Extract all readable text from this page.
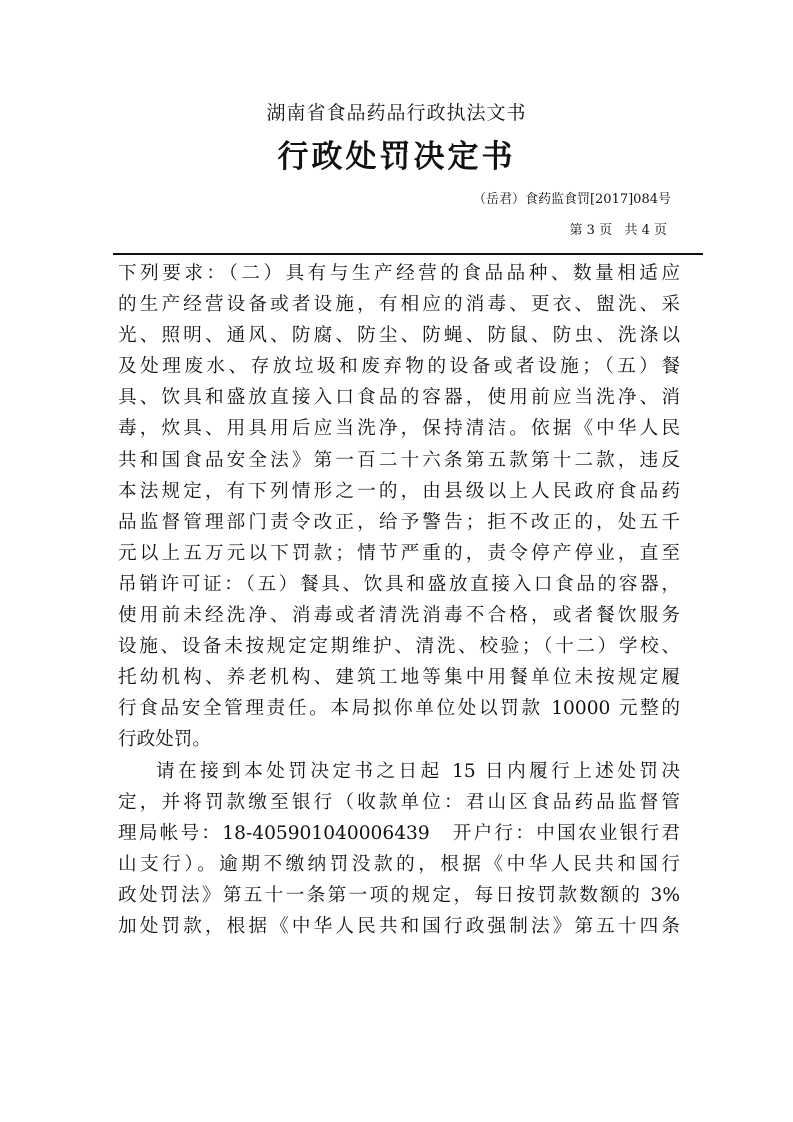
湖南省食品药品行政执法文书
行政处罚决定书
（岳君）食药监食罚[2017]084号
第 3 页   共 4 页

下列要求：（二）具有与生产经营的食品品种、数量相适应

的生产经营设备或者设施，有相应的消毒、更衣、盥洗、采

光、照明、通风、防腐、防尘、防蝇、防鼠、防虫、洗涤以

及处理废水、存放垃圾和废弃物的设备或者设施；（五）餐

具、饮具和盛放直接入口食品的容器，使用前应当洗净、消

毒，炊具、用具用后应当洗净，保持清洁。依据《中华人民

共和国食品安全法》第一百二十六条第五款第十二款，违反

本法规定，有下列情形之一的，由县级以上人民政府食品药

品监督管理部门责令改正，给予警告；拒不改正的，处五千

元以上五万元以下罚款；情节严重的，责令停产停业，直至

吊销许可证：（五）餐具、饮具和盛放直接入口食品的容器，

使用前未经洗净、消毒或者清洗消毒不合格，或者餐饮服务

设施、设备未按规定定期维护、清洗、校验；（十二）学校、

托幼机构、养老机构、建筑工地等集中用餐单位未按规定履

行食品安全管理责任。本局拟你单位处以罚款 10000 元整的

行政处罚。

请在接到本处罚决定书之日起 15 日内履行上述处罚决

定，并将罚款缴至银行（收款单位：君山区食品药品监督管

理局帐号：18-405901040006439　开户行：中国农业银行君

山支行）。逾期不缴纳罚没款的，根据《中华人民共和国行

政处罚法》第五十一条第一项的规定，每日按罚款数额的 3%

加处罚款，根据《中华人民共和国行政强制法》第五十四条
